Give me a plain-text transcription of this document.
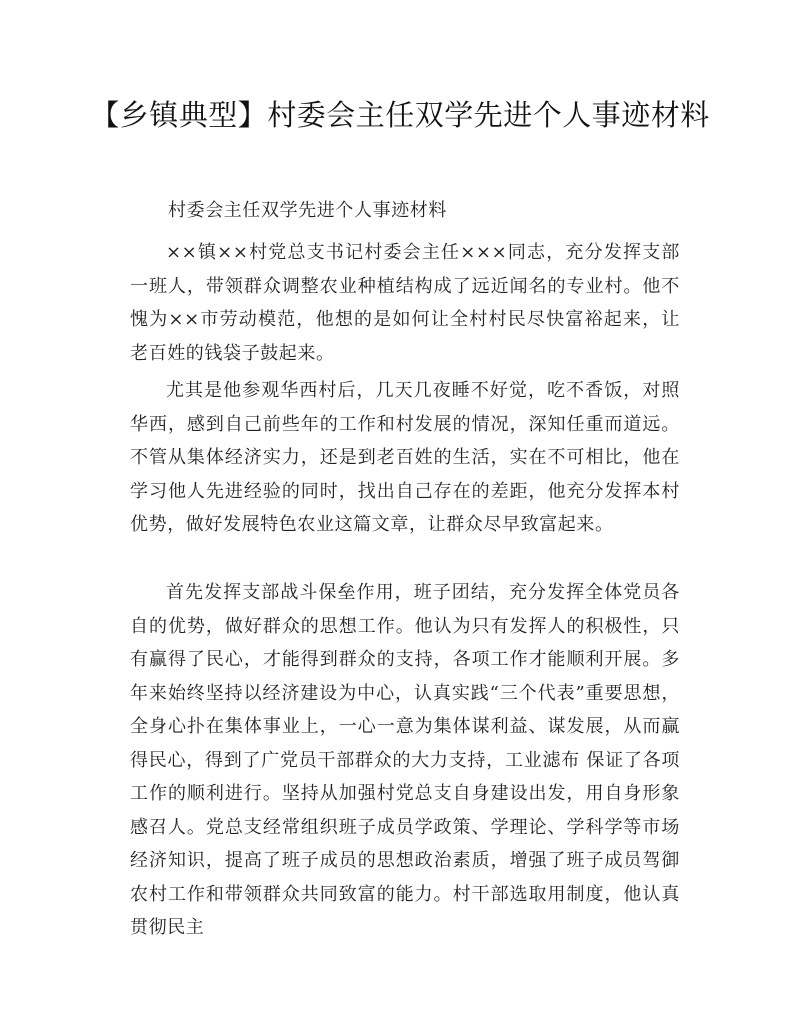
【乡镇典型】村委会主任双学先进个人事迹材料

村委会主任双学先进个人事迹材料

××镇××村党总支书记村委会主任×××同志，充分发挥支部一班人，带领群众调整农业种植结构成了远近闻名的专业村。他不愧为××市劳动模范，他想的是如何让全村村民尽快富裕起来，让老百姓的钱袋子鼓起来。

尤其是他参观华西村后，几天几夜睡不好觉，吃不香饭，对照华西，感到自己前些年的工作和村发展的情况，深知任重而道远。不管从集体经济实力，还是到老百姓的生活，实在不可相比，他在学习他人先进经验的同时，找出自己存在的差距，他充分发挥本村优势，做好发展特色农业这篇文章，让群众尽早致富起来。

首先发挥支部战斗保垒作用，班子团结，充分发挥全体党员各自的优势，做好群众的思想工作。他认为只有发挥人的积极性，只有赢得了民心，才能得到群众的支持，各项工作才能顺利开展。多年来始终坚持以经济建设为中心，认真实践“三个代表”重要思想，全身心扑在集体事业上，一心一意为集体谋利益、谋发展，从而赢得民心，得到了广党员干部群众的大力支持，工业滤布 保证了各项工作的顺利进行。坚持从加强村党总支自身建设出发，用自身形象感召人。党总支经常组织班子成员学政策、学理论、学科学等市场经济知识，提高了班子成员的思想政治素质，增强了班子成员驾御农村工作和带领群众共同致富的能力。村干部选取用制度，他认真贯彻民主
